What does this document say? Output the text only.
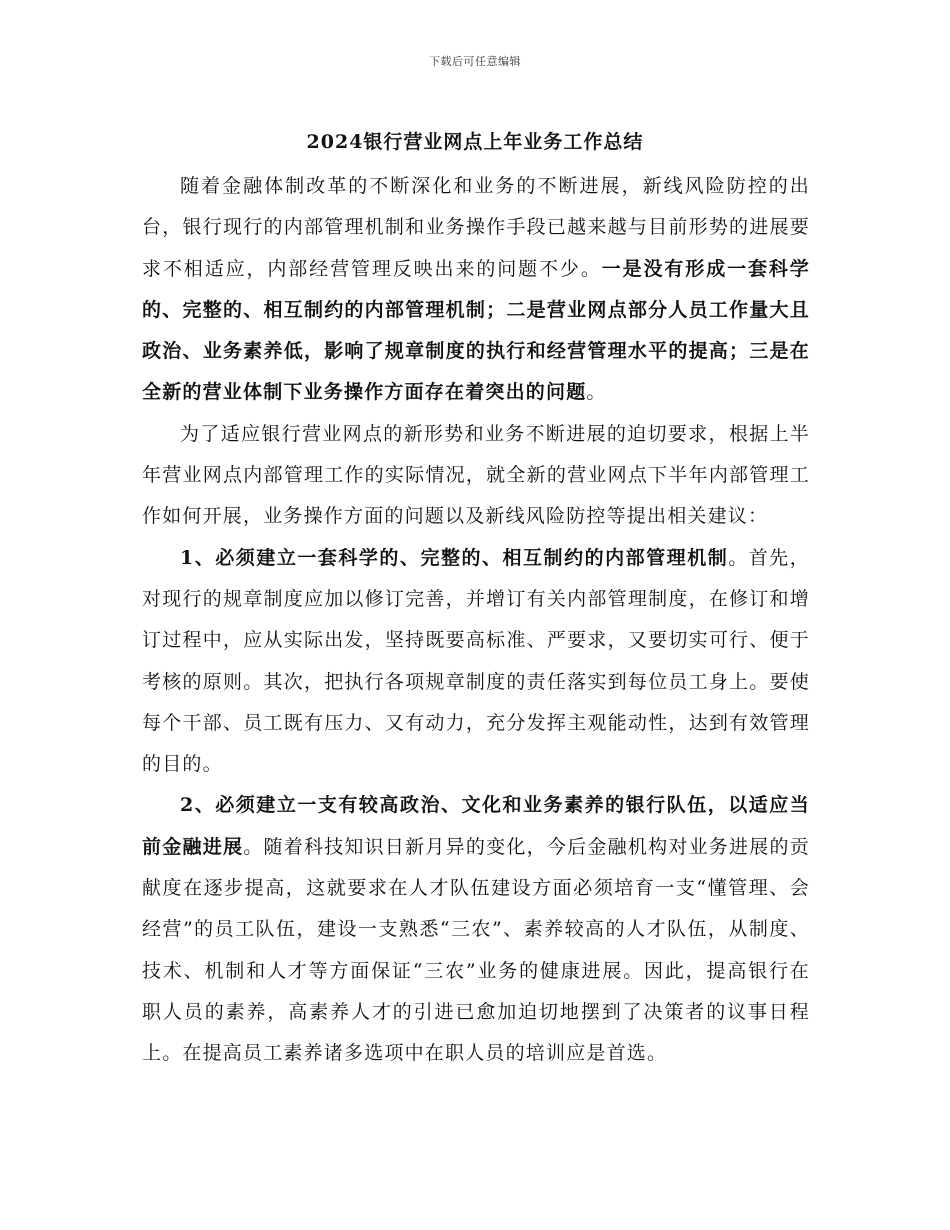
下载后可任意编辑
2024银行营业网点上年业务工作总结

随着金融体制改革的不断深化和业务的不断进展，新线风险防控的出台，银行现行的内部管理机制和业务操作手段已越来越与目前形势的进展要求不相适应，内部经营管理反映出来的问题不少。一是没有形成一套科学的、完整的、相互制约的内部管理机制；二是营业网点部分人员工作量大且政治、业务素养低，影响了规章制度的执行和经营管理水平的提高；三是在全新的营业体制下业务操作方面存在着突出的问题。

为了适应银行营业网点的新形势和业务不断进展的迫切要求，根据上半年营业网点内部管理工作的实际情况，就全新的营业网点下半年内部管理工作如何开展，业务操作方面的问题以及新线风险防控等提出相关建议：

1、必须建立一套科学的、完整的、相互制约的内部管理机制。首先，对现行的规章制度应加以修订完善，并增订有关内部管理制度，在修订和增订过程中，应从实际出发，坚持既要高标准、严要求，又要切实可行、便于考核的原则。其次，把执行各项规章制度的责任落实到每位员工身上。要使每个干部、员工既有压力、又有动力，充分发挥主观能动性，达到有效管理的目的。

2、必须建立一支有较高政治、文化和业务素养的银行队伍，以适应当前金融进展。随着科技知识日新月异的变化，今后金融机构对业务进展的贡献度在逐步提高，这就要求在人才队伍建设方面必须培育一支“懂管理、会经营”的员工队伍，建设一支熟悉“三农”、素养较高的人才队伍，从制度、技术、机制和人才等方面保证“三农”业务的健康进展。因此，提高银行在职人员的素养，高素养人才的引进已愈加迫切地摆到了决策者的议事日程上。在提高员工素养诸多选项中在职人员的培训应是首选。
